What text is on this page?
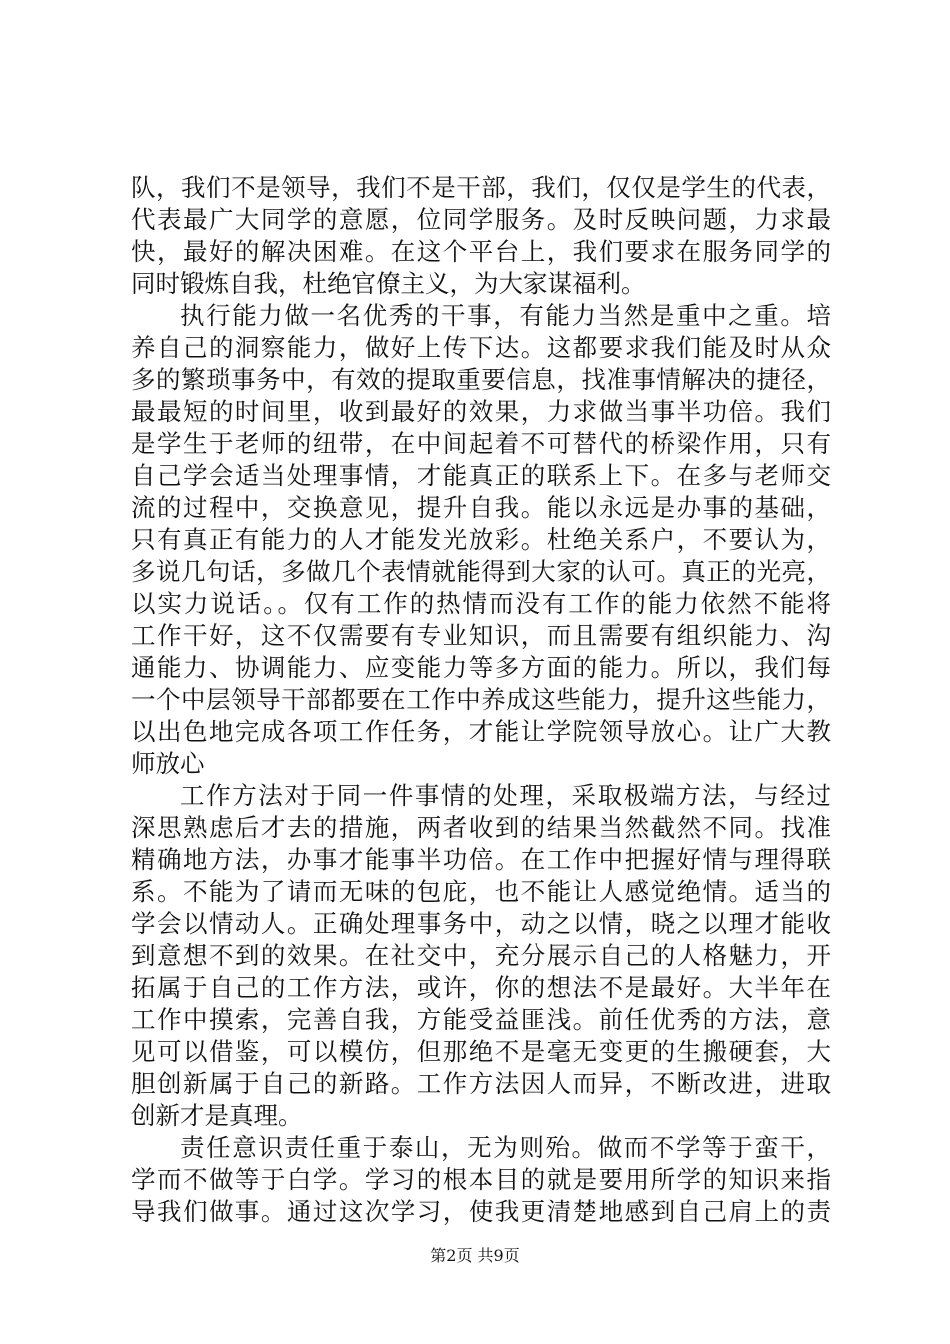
队，我们不是领导，我们不是干部，我们，仅仅是学生的代表，
代表最广大同学的意愿，位同学服务。及时反映问题，力求最
快，最好的解决困难。在这个平台上，我们要求在服务同学的
同时锻炼自我，杜绝官僚主义，为大家谋福利。
执行能力做一名优秀的干事，有能力当然是重中之重。培
养自己的洞察能力，做好上传下达。这都要求我们能及时从众
多的繁琐事务中，有效的提取重要信息，找准事情解决的捷径，
最最短的时间里，收到最好的效果，力求做当事半功倍。我们
是学生于老师的纽带，在中间起着不可替代的桥梁作用，只有
自己学会适当处理事情，才能真正的联系上下。在多与老师交
流的过程中，交换意见，提升自我。能以永远是办事的基础，
只有真正有能力的人才能发光放彩。杜绝关系户，不要认为，
多说几句话，多做几个表情就能得到大家的认可。真正的光亮，
以实力说话。。仅有工作的热情而没有工作的能力依然不能将
工作干好，这不仅需要有专业知识，而且需要有组织能力、沟
通能力、协调能力、应变能力等多方面的能力。所以，我们每
一个中层领导干部都要在工作中养成这些能力，提升这些能力，
以出色地完成各项工作任务，才能让学院领导放心。让广大教
师放心
工作方法对于同一件事情的处理，采取极端方法，与经过
深思熟虑后才去的措施，两者收到的结果当然截然不同。找准
精确地方法，办事才能事半功倍。在工作中把握好情与理得联
系。不能为了请而无味的包庇，也不能让人感觉绝情。适当的
学会以情动人。正确处理事务中，动之以情，晓之以理才能收
到意想不到的效果。在社交中，充分展示自己的人格魅力，开
拓属于自己的工作方法，或许，你的想法不是最好。大半年在
工作中摸索，完善自我，方能受益匪浅。前任优秀的方法，意
见可以借鉴，可以模仿，但那绝不是毫无变更的生搬硬套，大
胆创新属于自己的新路。工作方法因人而异，不断改进，进取
创新才是真理。
责任意识责任重于泰山，无为则殆。做而不学等于蛮干，
学而不做等于白学。学习的根本目的就是要用所学的知识来指
导我们做事。通过这次学习，使我更清楚地感到自己肩上的责
第2页 共9页
